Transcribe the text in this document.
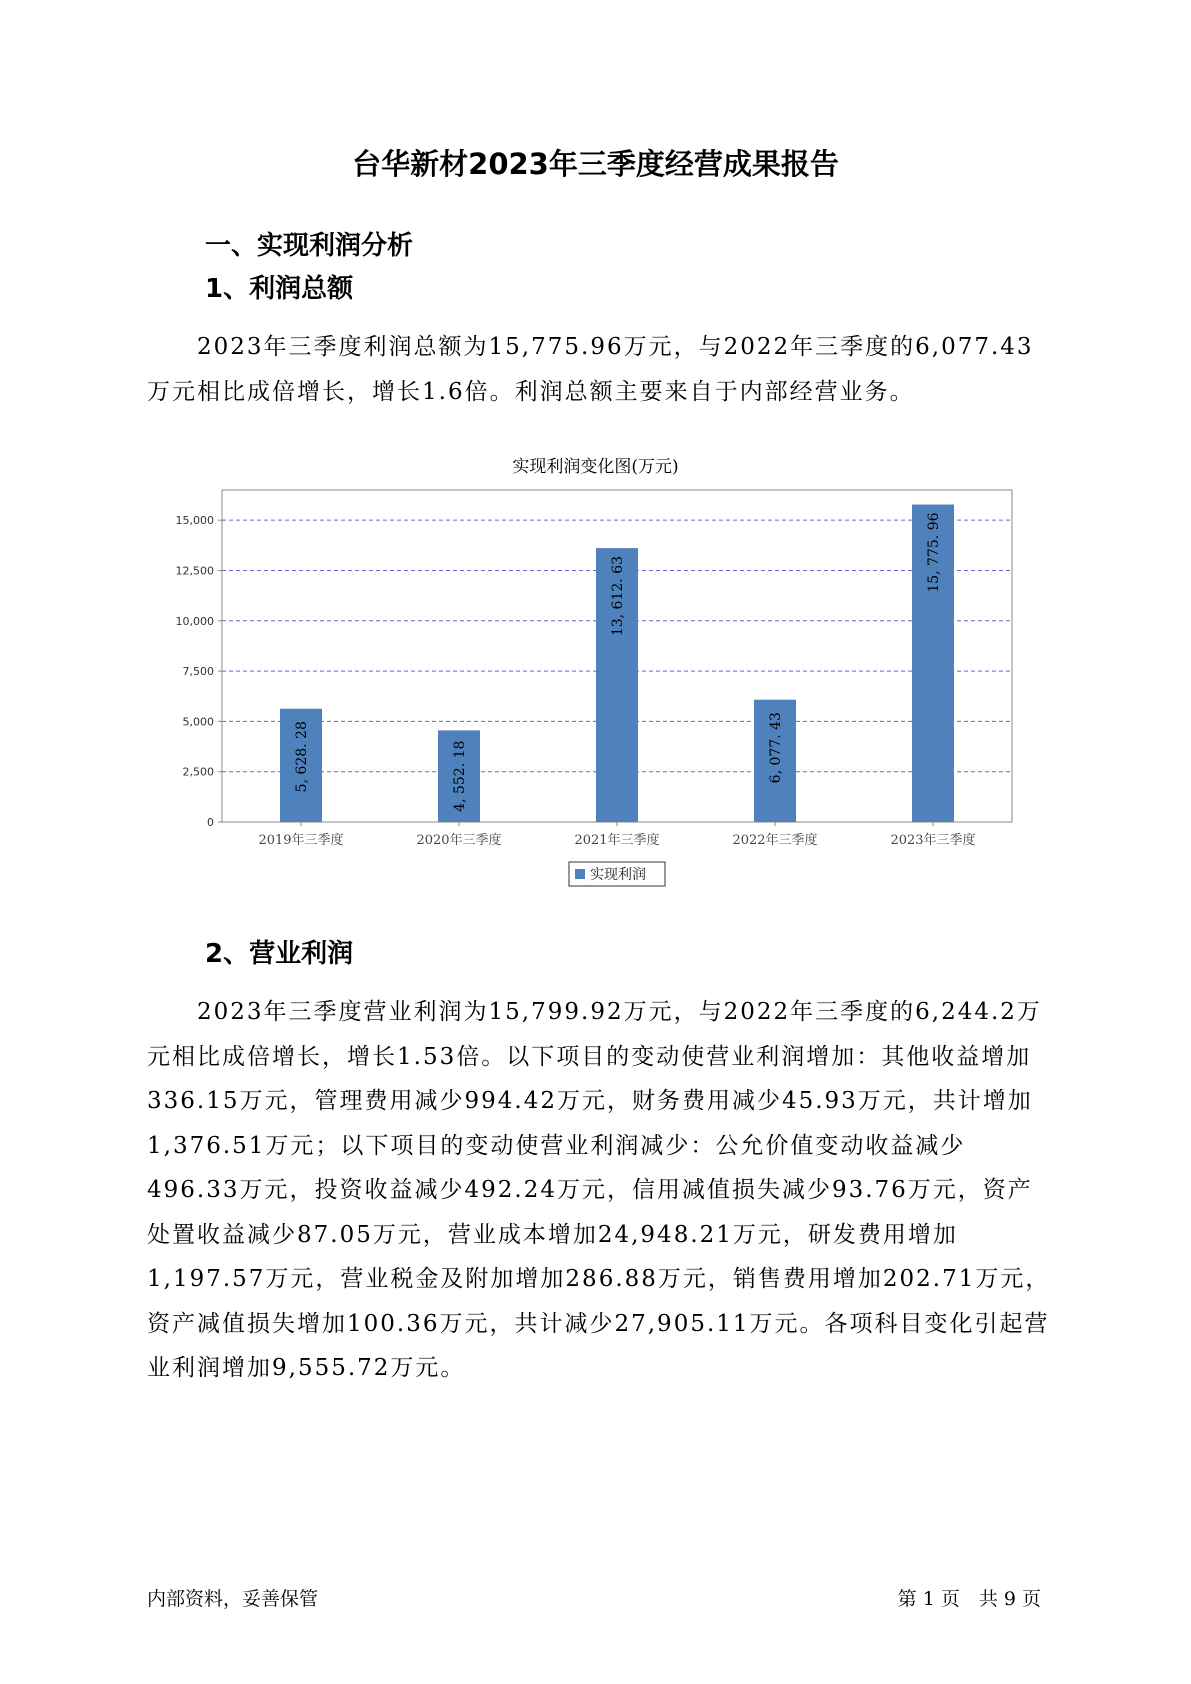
台华新材2023年三季度经营成果报告
一、实现利润分析
1、利润总额

2023年三季度利润总额为15,775.96万元，与2022年三季度的6,077.43万元相比成倍增长，增长1.6倍。利润总额主要来自于内部经营业务。

实现利润变化图(万元)
0
2,500
5,000
7,500
10,000
12,500
15,000
5, 628. 28
2019年三季度
4, 552. 18
2020年三季度
13, 612. 63
2021年三季度
6, 077. 43
2022年三季度
15, 775. 96
2023年三季度
实现利润
2、营业利润

2023年三季度营业利润为15,799.92万元，与2022年三季度的6,244.2万元相比成倍增长，增长1.53倍。以下项目的变动使营业利润增加：其他收益增加336.15万元，管理费用减少994.42万元，财务费用减少45.93万元，共计增加1,376.51万元；以下项目的变动使营业利润减少：公允价值变动收益减少496.33万元，投资收益减少492.24万元，信用减值损失减少93.76万元，资产处置收益减少87.05万元，营业成本增加24,948.21万元，研发费用增加1,197.57万元，营业税金及附加增加286.88万元，销售费用增加202.71万元，资产减值损失增加100.36万元，共计减少27,905.11万元。各项科目变化引起营业利润增加9,555.72万元。

内部资料，妥善保管	第 1 页　共 9 页
